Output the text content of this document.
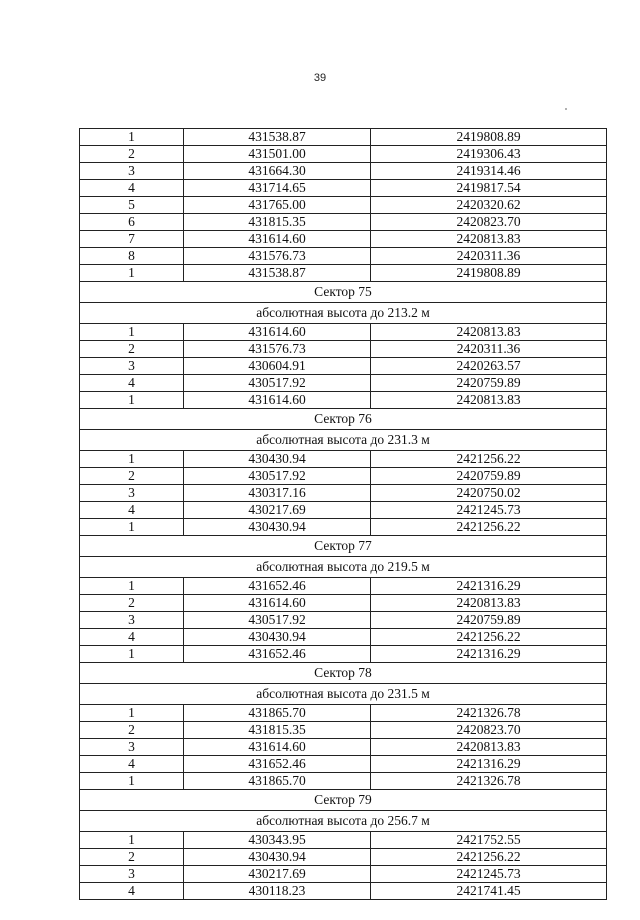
39
1	431538.87	2419808.89
2	431501.00	2419306.43
3	431664.30	2419314.46
4	431714.65	2419817.54
5	431765.00	2420320.62
6	431815.35	2420823.70
7	431614.60	2420813.83
8	431576.73	2420311.36
1	431538.87	2419808.89
Сектор 75		
абсолютная высота до 213.2 м		
1	431614.60	2420813.83
2	431576.73	2420311.36
3	430604.91	2420263.57
4	430517.92	2420759.89
1	431614.60	2420813.83
Сектор 76		
абсолютная высота до 231.3 м		
1	430430.94	2421256.22
2	430517.92	2420759.89
3	430317.16	2420750.02
4	430217.69	2421245.73
1	430430.94	2421256.22
Сектор 77		
абсолютная высота до 219.5 м		
1	431652.46	2421316.29
2	431614.60	2420813.83
3	430517.92	2420759.89
4	430430.94	2421256.22
1	431652.46	2421316.29
Сектор 78		
абсолютная высота до 231.5 м		
1	431865.70	2421326.78
2	431815.35	2420823.70
3	431614.60	2420813.83
4	431652.46	2421316.29
1	431865.70	2421326.78
Сектор 79		
абсолютная высота до 256.7 м		
1	430343.95	2421752.55
2	430430.94	2421256.22
3	430217.69	2421245.73
4	430118.23	2421741.45
